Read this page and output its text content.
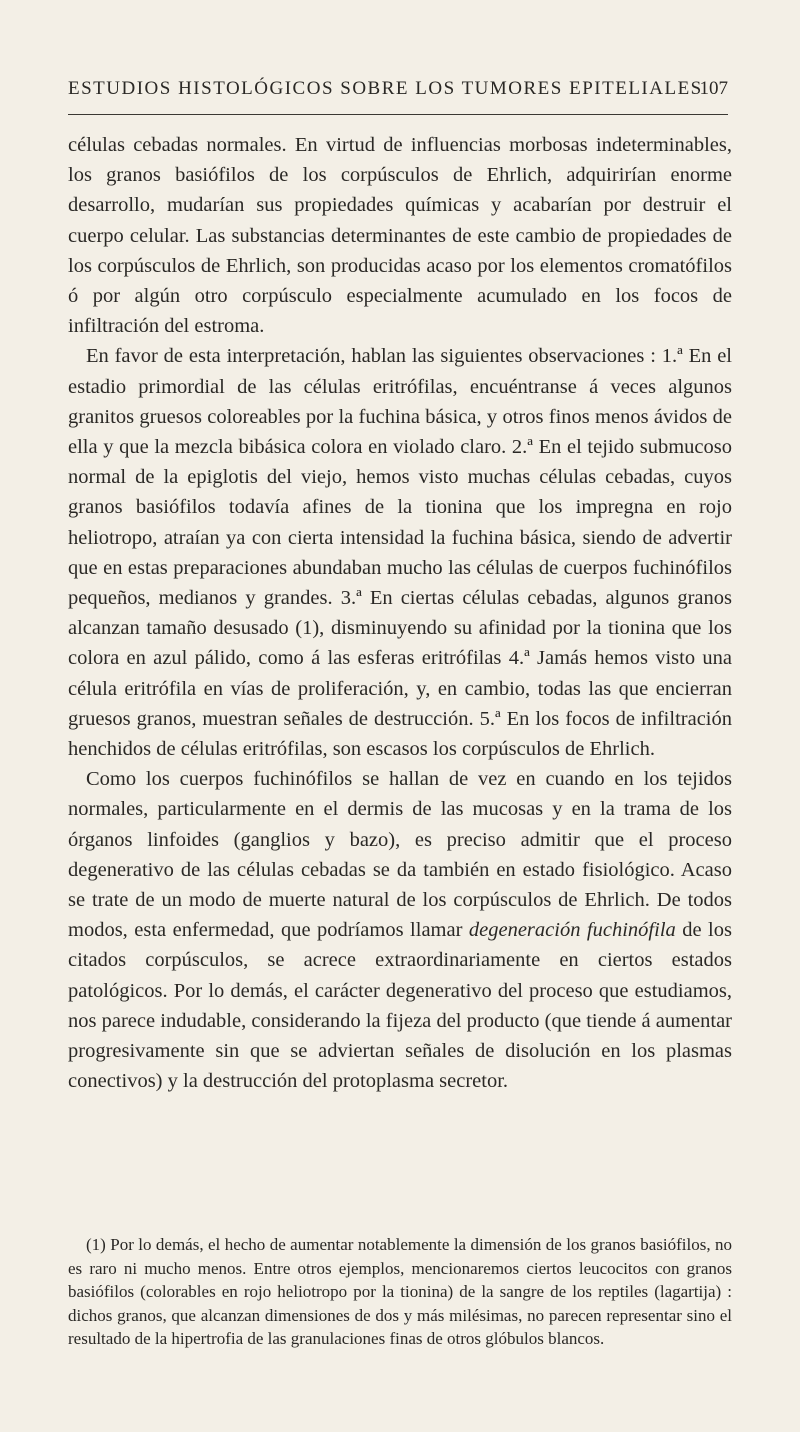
ESTUDIOS HISTOLÓGICOS SOBRE LOS TUMORES EPITELIALES
107

células cebadas normales. En virtud de influencias morbosas indeterminables, los granos basiófilos de los corpúsculos de Ehrlich, adquirirían enorme desarrollo, mudarían sus propiedades químicas y acabarían por destruir el cuerpo celular. Las substancias determinantes de este cambio de propiedades de los corpúsculos de Ehrlich, son producidas acaso por los elementos cromatófilos ó por algún otro corpúsculo especialmente acumulado en los focos de infiltración del estroma.

En favor de esta interpretación, hablan las siguientes observaciones : 1.ª En el estadio primordial de las células eritrófilas, encuéntranse á veces algunos granitos gruesos coloreables por la fuchina básica, y otros finos menos ávidos de ella y que la mezcla bibásica colora en violado claro. 2.ª En el tejido submucoso normal de la epiglotis del viejo, hemos visto muchas células cebadas, cuyos granos basiófilos todavía afines de la tionina que los impregna en rojo heliotropo, atraían ya con cierta intensidad la fuchina básica, siendo de advertir que en estas preparaciones abundaban mucho las células de cuerpos fuchinófilos pequeños, medianos y grandes. 3.ª En ciertas células cebadas, algunos granos alcanzan tamaño desusado (1), disminuyendo su afinidad por la tionina que los colora en azul pálido, como á las esferas eritrófilas 4.ª Jamás hemos visto una célula eritrófila en vías de proliferación, y, en cambio, todas las que encierran gruesos granos, muestran señales de destrucción. 5.ª En los focos de infiltración henchidos de células eritrófilas, son escasos los corpúsculos de Ehrlich.

Como los cuerpos fuchinófilos se hallan de vez en cuando en los tejidos normales, particularmente en el dermis de las mucosas y en la trama de los órganos linfoides (ganglios y bazo), es preciso admitir que el proceso degenerativo de las células cebadas se da también en estado fisiológico. Acaso se trate de un modo de muerte natural de los corpúsculos de Ehrlich. De todos modos, esta enfermedad, que podríamos llamar degeneración fuchinófila de los citados corpúsculos, se acrece extraordinariamente en ciertos estados patológicos. Por lo demás, el carácter degenerativo del proceso que estudiamos, nos parece indudable, considerando la fijeza del producto (que tiende á aumentar progresivamente sin que se adviertan señales de disolución en los plasmas conectivos) y la destrucción del protoplasma secretor.

(1) Por lo demás, el hecho de aumentar notablemente la dimensión de los granos basiófilos, no es raro ni mucho menos. Entre otros ejemplos, mencionaremos ciertos leucocitos con granos basiófilos (colorables en rojo heliotropo por la tionina) de la sangre de los reptiles (lagartija) : dichos granos, que alcanzan dimensiones de dos y más milésimas, no parecen representar sino el resultado de la hipertrofia de las granulaciones finas de otros glóbulos blancos.
